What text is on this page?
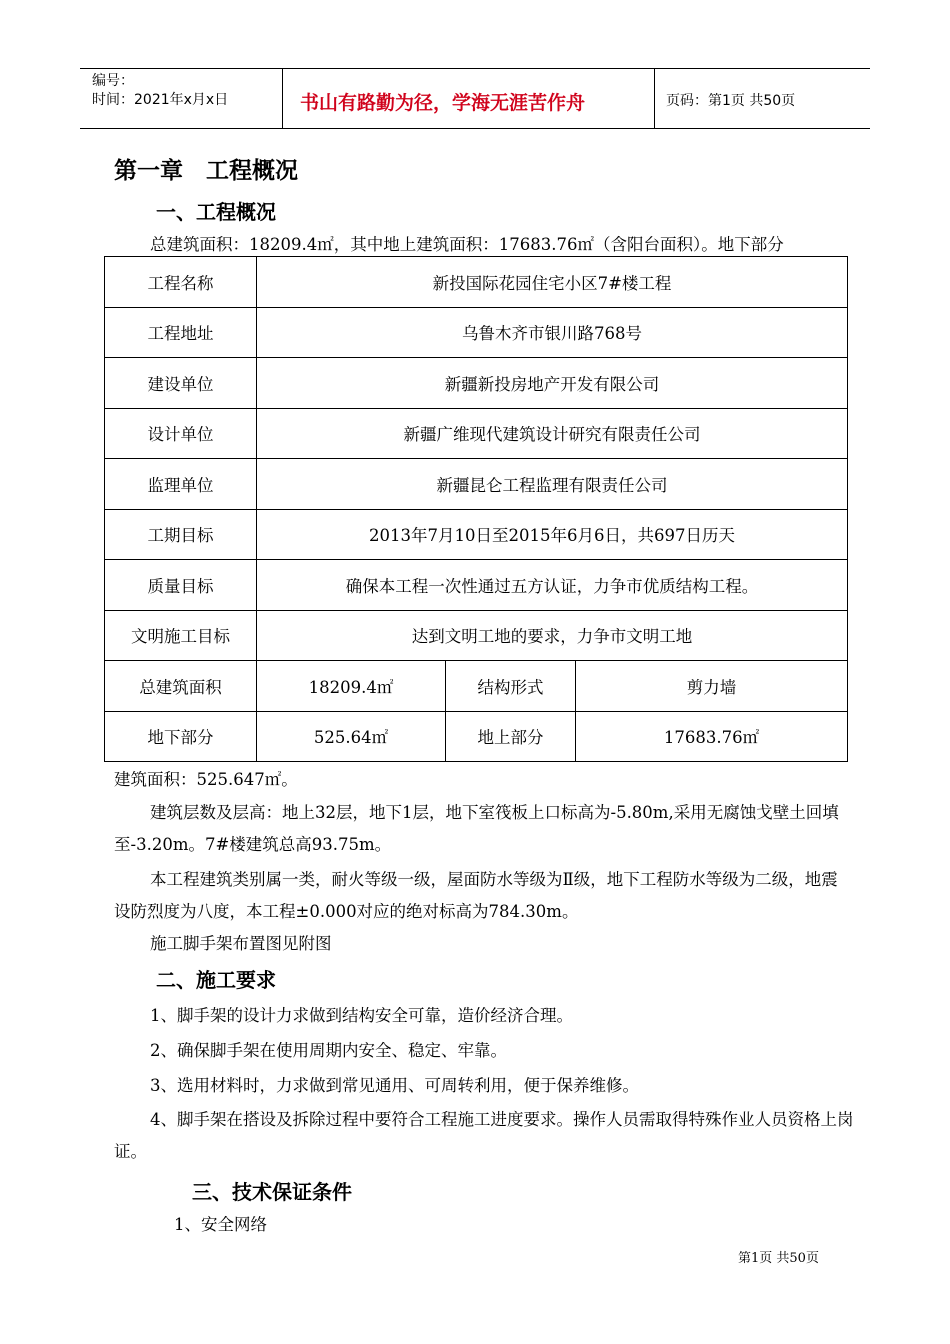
编号：
时间：2021年x月x日	书山有路勤为径，学海无涯苦作舟	页码：第1页 共50页
第一章　工程概况
一、工程概况
总建筑面积：18209.4㎡，其中地上建筑面积：17683.76㎡（含阳台面积）。地下部分
工程名称	新投国际花园住宅小区7#楼工程		
工程地址	乌鲁木齐市银川路768号		
建设单位	新疆新投房地产开发有限公司		
设计单位	新疆广维现代建筑设计研究有限责任公司		
监理单位	新疆昆仑工程监理有限责任公司		
工期目标	2013年7月10日至2015年6月6日，共697日历天		
质量目标	确保本工程一次性通过五方认证，力争市优质结构工程。		
文明施工目标	达到文明工地的要求，力争市文明工地		
总建筑面积	18209.4㎡	结构形式	剪力墙
地下部分	525.64㎡	地上部分	17683.76㎡
建筑面积：525.647㎡。
建筑层数及层高：地上32层，地下1层，地下室筏板上口标高为-5.80m,采用无腐蚀戈壁土回填至-3.20m。7#楼建筑总高93.75m。
本工程建筑类别属一类，耐火等级一级，屋面防水等级为Ⅱ级，地下工程防水等级为二级，地震设防烈度为八度，本工程±0.000对应的绝对标高为784.30m。
施工脚手架布置图见附图
二、施工要求
1、脚手架的设计力求做到结构安全可靠，造价经济合理。
2、确保脚手架在使用周期内安全、稳定、牢靠。
3、选用材料时，力求做到常见通用、可周转利用，便于保养维修。
4、脚手架在搭设及拆除过程中要符合工程施工进度要求。操作人员需取得特殊作业人员资格上岗证。
三、技术保证条件
1、安全网络
第1页 共50页
